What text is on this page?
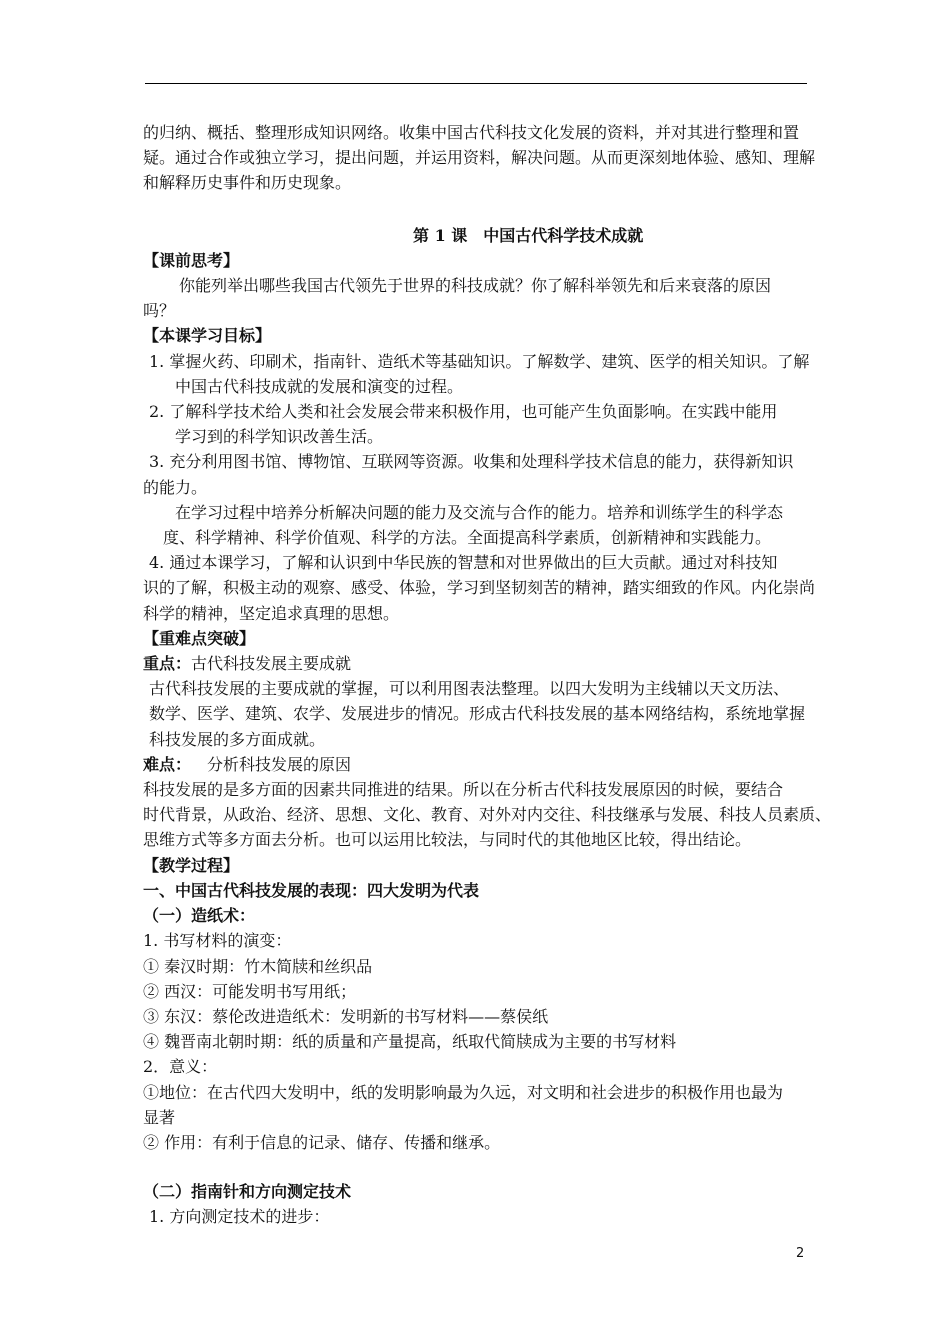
的归纳、概括、整理形成知识网络。收集中国古代科技文化发展的资料，并对其进行整理和置
疑。通过合作或独立学习，提出问题，并运用资料，解决问题。从而更深刻地体验、感知、理解
和解释历史事件和历史现象。
第 1 课　中国古代科学技术成就
【课前思考】
你能列举出哪些我国古代领先于世界的科技成就？你了解科举领先和后来衰落的原因
吗？
【本课学习目标】
1. 掌握火药、印刷术，指南针、造纸术等基础知识。了解数学、建筑、医学的相关知识。了解
中国古代科技成就的发展和演变的过程。
2. 了解科学技术给人类和社会发展会带来积极作用，也可能产生负面影响。在实践中能用
学习到的科学知识改善生活。
3. 充分利用图书馆、博物馆、互联网等资源。收集和处理科学技术信息的能力，获得新知识
的能力。
在学习过程中培养分析解决问题的能力及交流与合作的能力。培养和训练学生的科学态
度、科学精神、科学价值观、科学的方法。全面提高科学素质，创新精神和实践能力。
4. 通过本课学习，了解和认识到中华民族的智慧和对世界做出的巨大贡献。通过对科技知
识的了解，积极主动的观察、感受、体验，学习到坚韧刻苦的精神，踏实细致的作风。内化崇尚
科学的精神，坚定追求真理的思想。
【重难点突破】
重点：古代科技发展主要成就
古代科技发展的主要成就的掌握，可以利用图表法整理。以四大发明为主线辅以天文历法、
数学、医学、建筑、农学、发展进步的情况。形成古代科技发展的基本网络结构，系统地掌握
科技发展的多方面成就。
难点： 分析科技发展的原因
科技发展的是多方面的因素共同推进的结果。所以在分析古代科技发展原因的时候，要结合
时代背景，从政治、经济、思想、文化、教育、对外对内交往、科技继承与发展、科技人员素质、
思维方式等多方面去分析。也可以运用比较法，与同时代的其他地区比较，得出结论。
【教学过程】
一、中国古代科技发展的表现：四大发明为代表
（一）造纸术：
1. 书写材料的演变：
① 秦汉时期：竹木简牍和丝织品
② 西汉：可能发明书写用纸；
③ 东汉：蔡伦改进造纸术：发明新的书写材料——蔡侯纸
④ 魏晋南北朝时期：纸的质量和产量提高，纸取代简牍成为主要的书写材料
2．意义：
①地位：在古代四大发明中，纸的发明影响最为久远，对文明和社会进步的积极作用也最为
显著
② 作用：有利于信息的记录、储存、传播和继承。
（二）指南针和方向测定技术
1. 方向测定技术的进步：
2
